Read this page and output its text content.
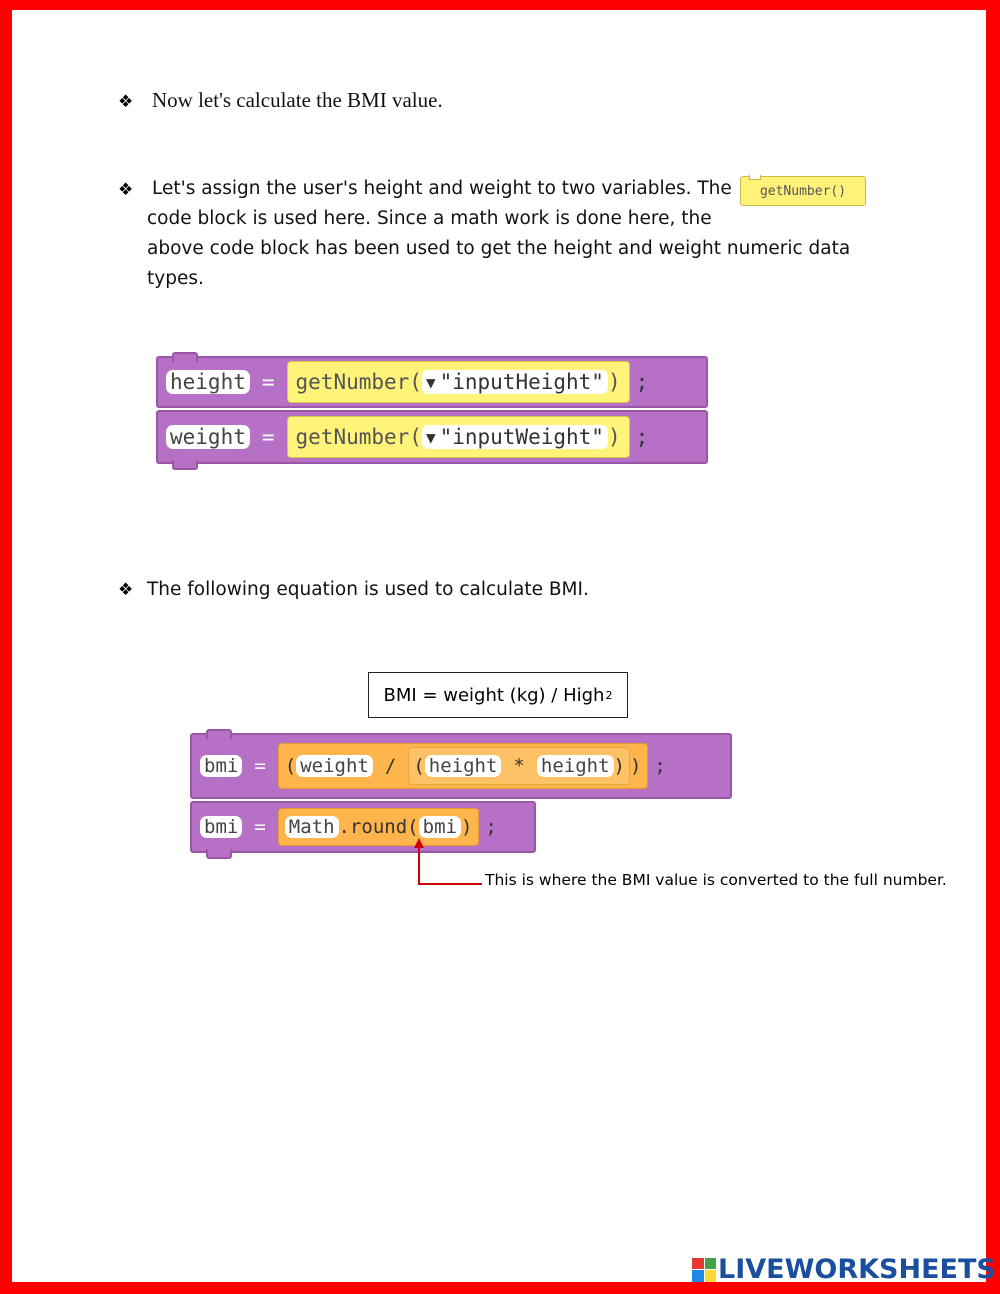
❖ Now let's calculate the BMI value.
❖ Let's assign the user's height and weight to two variables. The
code block is used here. Since a math work is done here, the
above code block has been used to get the height and weight numeric data
types.
getNumber()
height = getNumber( ▼ "inputHeight" ) ;
weight = getNumber( ▼ "inputWeight" ) ;
❖ The following equation is used to calculate BMI.
BMI = weight (kg) / High 2
bmi = ( weight / ( height * height ) ) ;
bmi = Math .round( bmi ) ;
This is where the BMI value is converted to the full number.
LIVEWORKSHEETS
